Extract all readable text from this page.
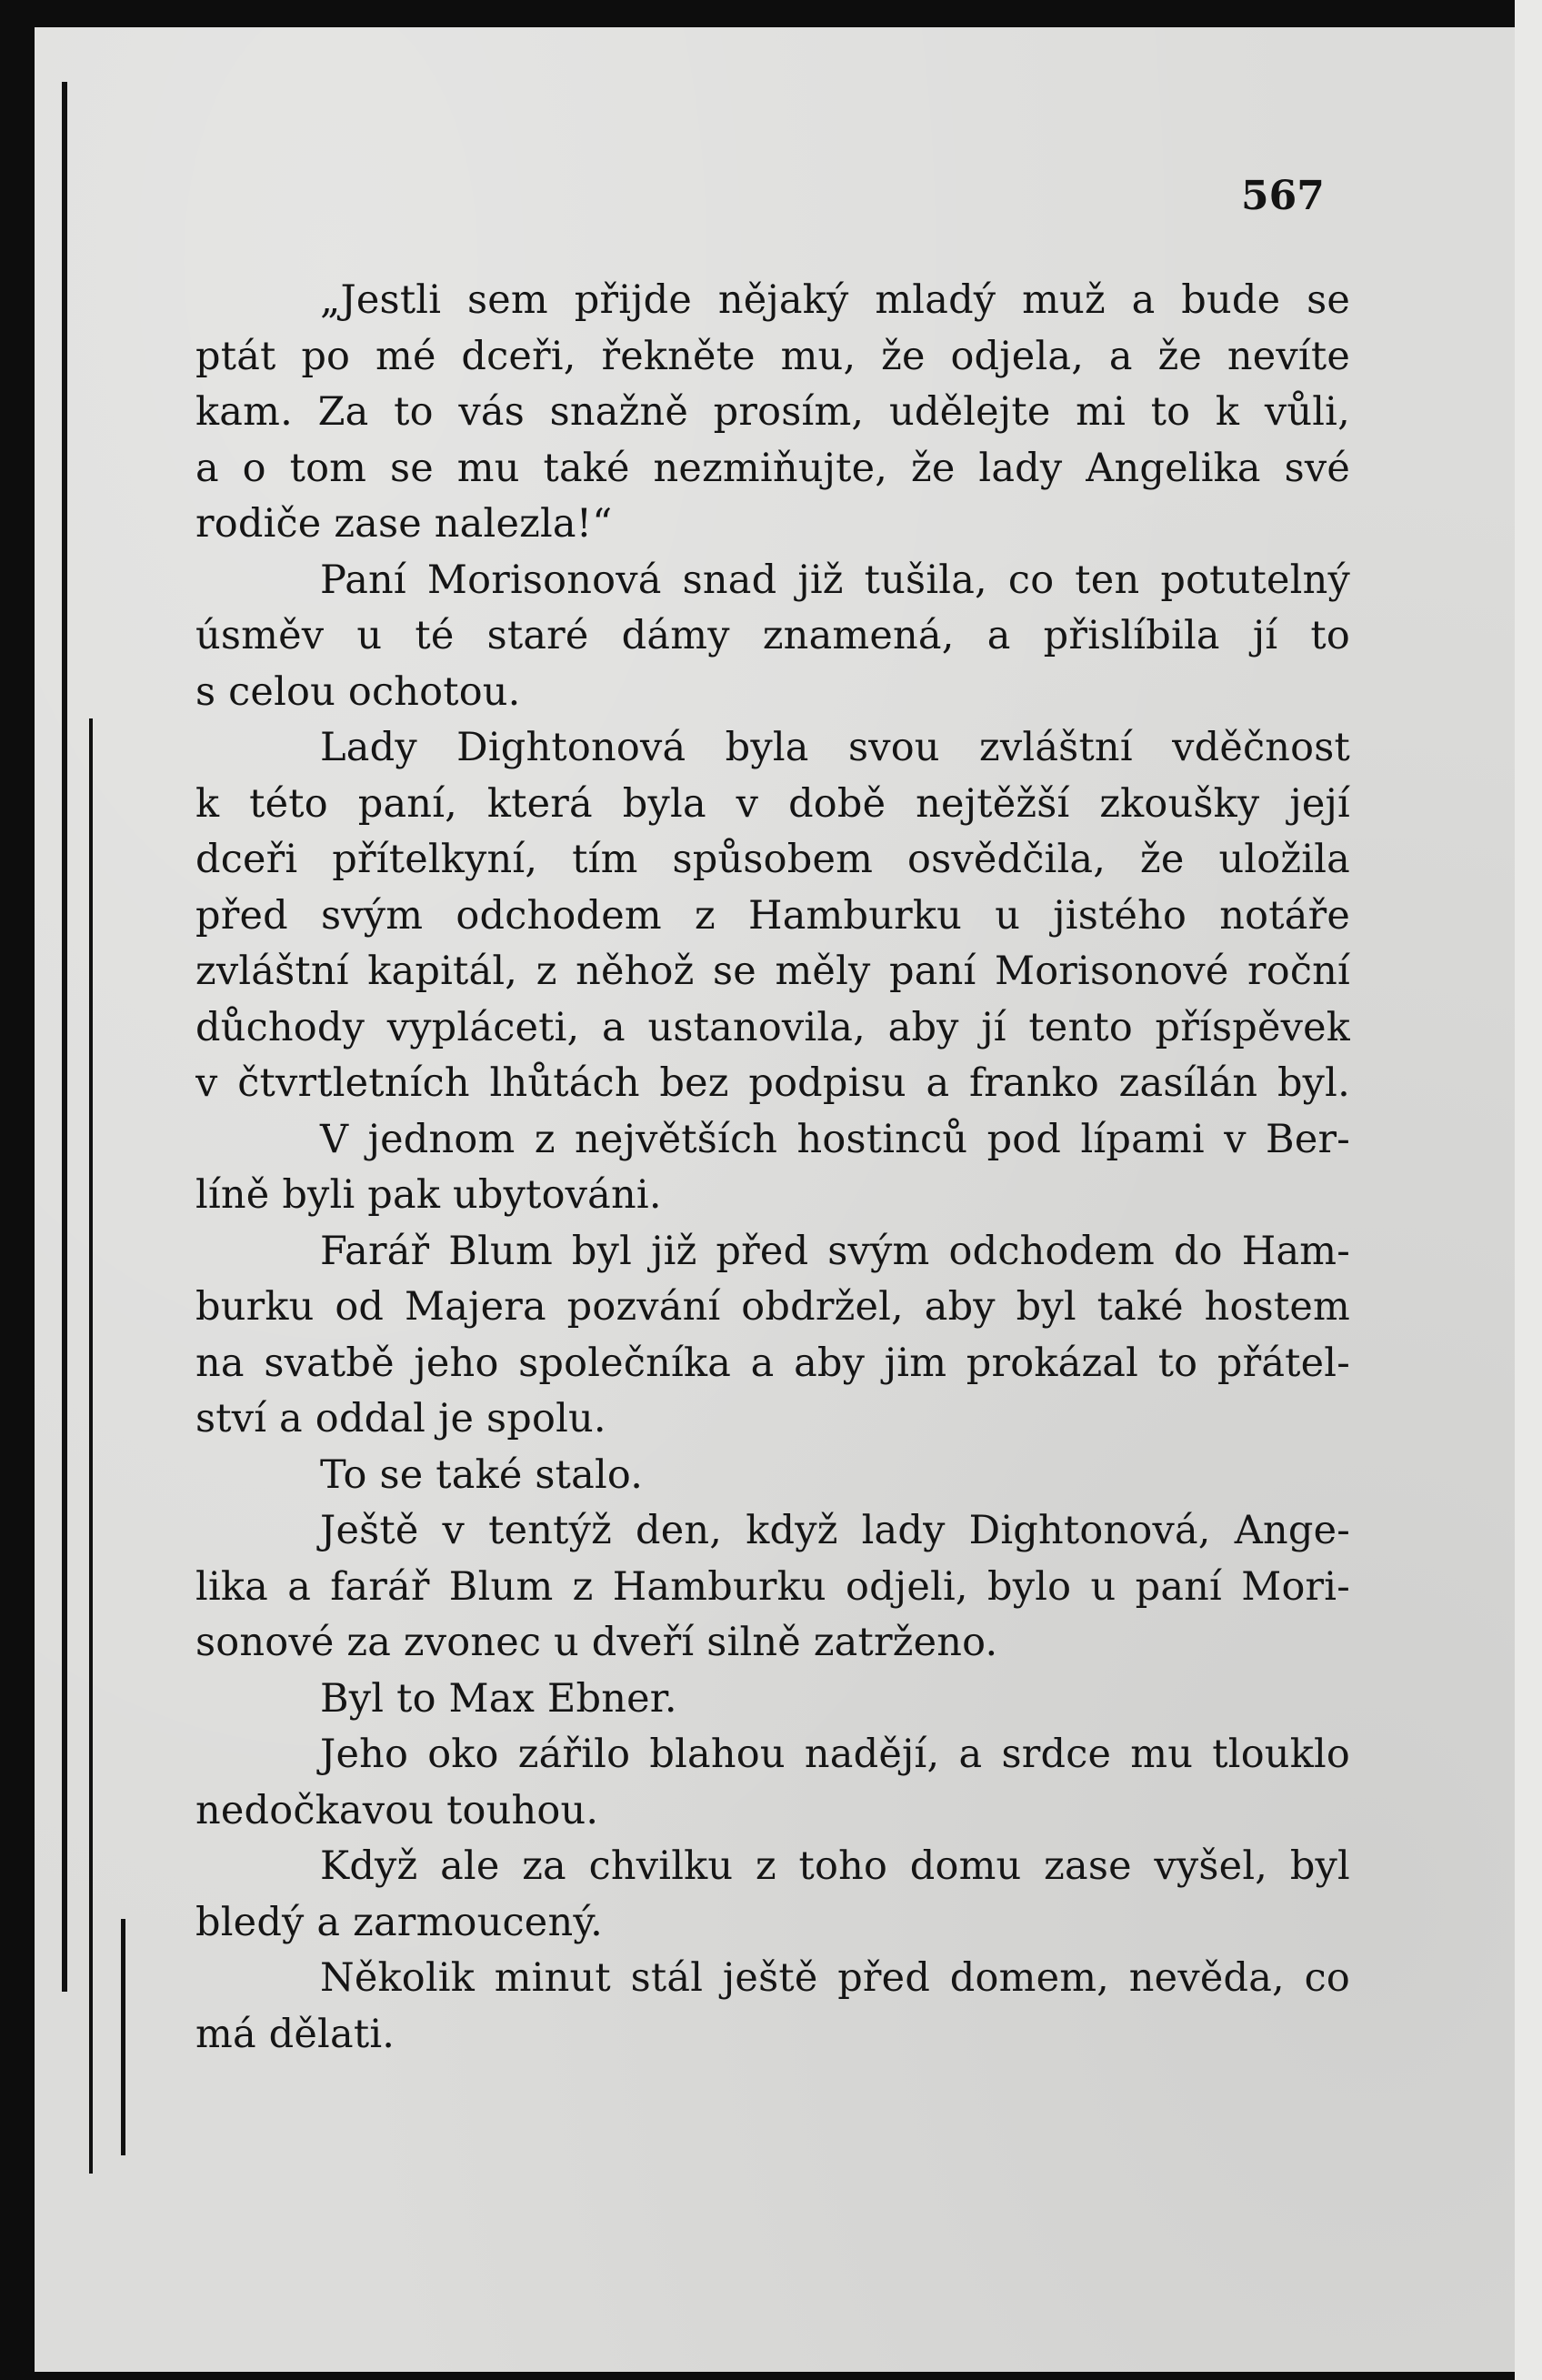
567
„Jestli sem přijde nějaký mladý muž a bude se
ptát po mé dceři, řekněte mu, že odjela, a že nevíte
kam. Za to vás snažně prosím, udělejte mi to k vůli,
a o tom se mu také nezmiňujte, že lady Angelika své
rodiče zase nalezla!“
Paní Morisonová snad již tušila, co ten potutelný
úsměv u té staré dámy znamená, a přislíbila jí to
s celou ochotou.
Lady Dightonová byla svou zvláštní vděčnost
k této paní, která byla v době nejtěžší zkoušky její
dceři přítelkyní, tím spůsobem osvědčila, že uložila
před svým odchodem z Hamburku u jistého notáře
zvláštní kapitál, z něhož se měly paní Morisonové roční
důchody vypláceti, a ustanovila, aby jí tento příspěvek
v čtvrtletních lhůtách bez podpisu a franko zasílán byl.
V jednom z největších hostinců pod lípami v Ber-
líně byli pak ubytováni.
Farář Blum byl již před svým odchodem do Ham-
burku od Majera pozvání obdržel, aby byl také hostem
na svatbě jeho společníka a aby jim prokázal to přátel-
ství a oddal je spolu.
To se také stalo.
Ještě v tentýž den, když lady Dightonová, Ange-
lika a farář Blum z Hamburku odjeli, bylo u paní Mori-
sonové za zvonec u dveří silně zatrženo.
Byl to Max Ebner.
Jeho oko zářilo blahou nadějí, a srdce mu tlouklo
nedočkavou touhou.
Když ale za chvilku z toho domu zase vyšel, byl
bledý a zarmoucený.
Několik minut stál ještě před domem, nevěda, co
má dělati.
